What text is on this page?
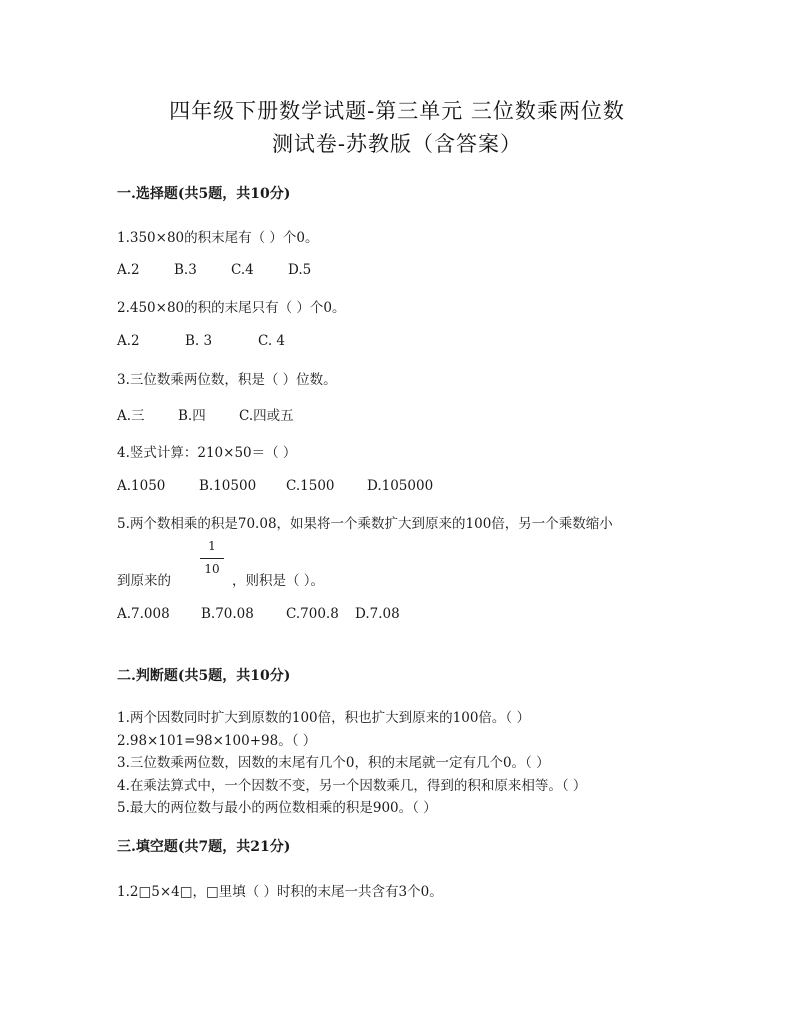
四年级下册数学试题-第三单元 三位数乘两位数
测试卷-苏教版（含答案）
一.选择题(共5题，共10分)
1.350×80的积末尾有（ ）个0。
A.2	B.3	C.4	D.5
2.450×80的积的末尾只有（ ）个0。
A.2	B. 3	C. 4
3.三位数乘两位数，积是（ ）位数。
A.三 B.四 C.四或五
4.竖式计算：210×50＝（ ）
A.1050 B.10500 C.1500 D.105000
5.两个数相乘的积是70.08，如果将一个乘数扩大到原来的100倍，另一个乘数缩小
1
10
到原来的	，则积是（ ）。
A.7.008 B.70.08 C.700.8 D.7.08
二.判断题(共5题，共10分)
1.两个因数同时扩大到原数的100倍，积也扩大到原来的100倍。（ ）
2.98×101=98×100+98。（ ）
3.三位数乘两位数，因数的末尾有几个0，积的末尾就一定有几个0。（ ）
4.在乘法算式中，一个因数不变，另一个因数乘几，得到的积和原来相等。（ ）
5.最大的两位数与最小的两位数相乘的积是900。（ ）
三.填空题(共7题，共21分)
1.2□5×4□，□里填（ ）时积的末尾一共含有3个0。
